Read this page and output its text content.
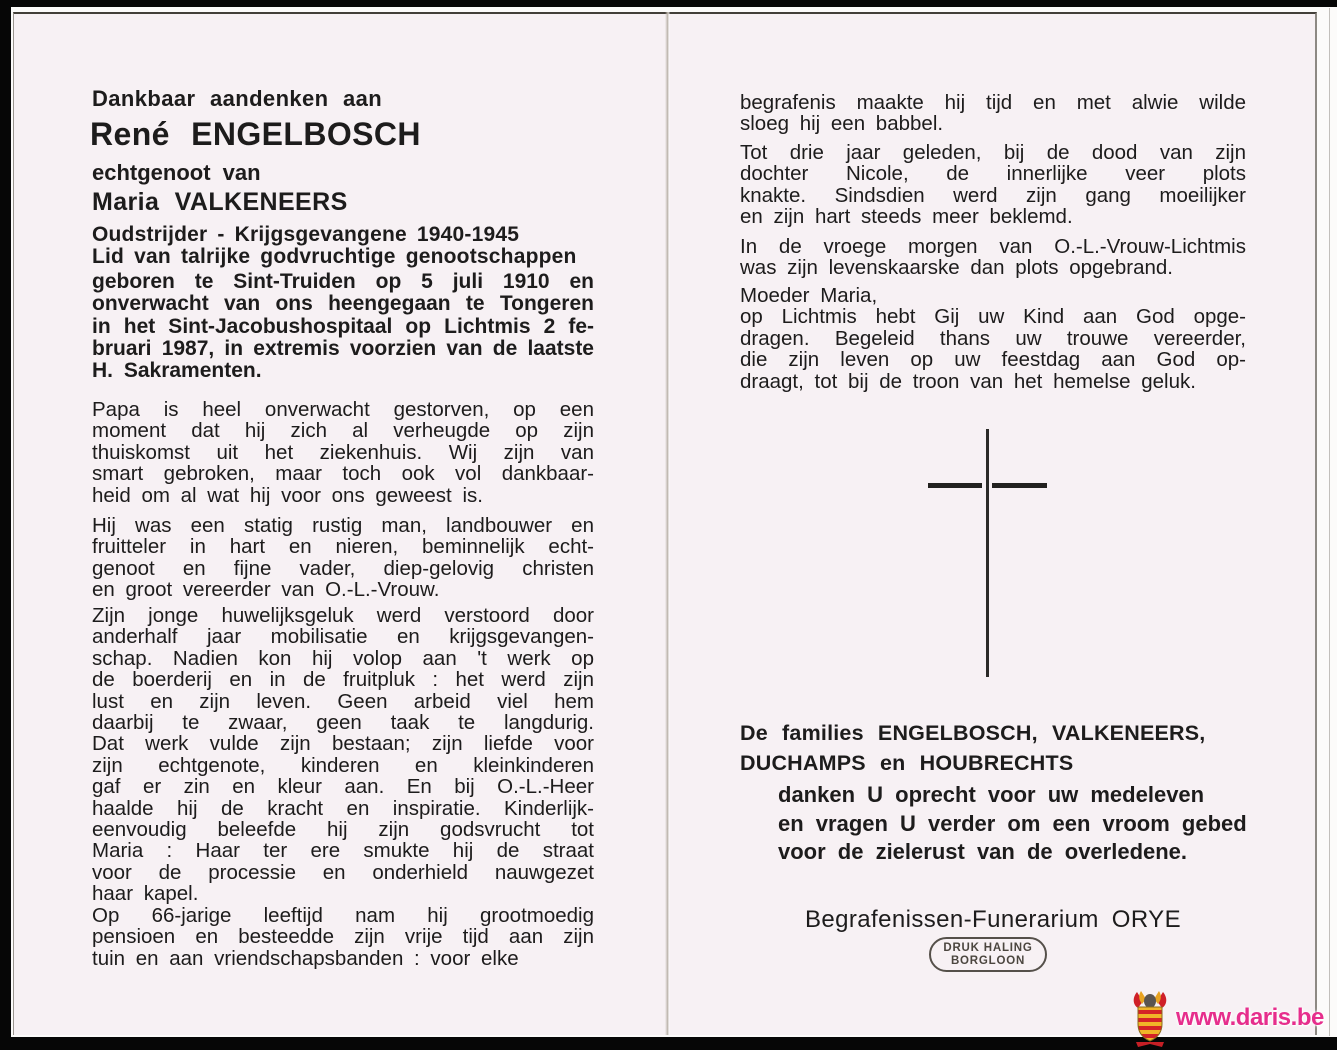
Dankbaar aandenken aan
René ENGELBOSCH
echtgenoot van
Maria VALKENEERS
Oudstrijder - Krijgsgevangene 1940-1945
Lid van talrijke godvruchtige genootschappen
geboren te Sint-Truiden op 5 juli 1910 en
onverwacht van ons heengegaan te Tongeren
in het Sint-Jacobushospitaal op Lichtmis 2 fe-
bruari 1987, in extremis voorzien van de laatste
H. Sakramenten.
Papa is heel onverwacht gestorven, op een
moment dat hij zich al verheugde op zijn
thuiskomst uit het ziekenhuis. Wij zijn van
smart gebroken, maar toch ook vol dankbaar-
heid om al wat hij voor ons geweest is.
Hij was een statig rustig man, landbouwer en
fruitteler in hart en nieren, beminnelijk echt-
genoot en fijne vader, diep-gelovig christen
en groot vereerder van O.-L.-Vrouw.
Zijn jonge huwelijksgeluk werd verstoord door
anderhalf jaar mobilisatie en krijgsgevangen-
schap. Nadien kon hij volop aan 't werk op
de boerderij en in de fruitpluk : het werd zijn
lust en zijn leven. Geen arbeid viel hem
daarbij te zwaar, geen taak te langdurig.
Dat werk vulde zijn bestaan; zijn liefde voor
zijn echtgenote, kinderen en kleinkinderen
gaf er zin en kleur aan. En bij O.-L.-Heer
haalde hij de kracht en inspiratie. Kinderlijk-
eenvoudig beleefde hij zijn godsvrucht tot
Maria : Haar ter ere smukte hij de straat
voor de processie en onderhield nauwgezet
haar kapel.
Op 66-jarige leeftijd nam hij grootmoedig
pensioen en besteedde zijn vrije tijd aan zijn
tuin en aan vriendschapsbanden : voor elke
begrafenis maakte hij tijd en met alwie wilde
sloeg hij een babbel.
Tot drie jaar geleden, bij de dood van zijn
dochter Nicole, de innerlijke veer plots
knakte. Sindsdien werd zijn gang moeilijker
en zijn hart steeds meer beklemd.
In de vroege morgen van O.-L.-Vrouw-Lichtmis
was zijn levenskaarske dan plots opgebrand.
Moeder Maria,
op Lichtmis hebt Gij uw Kind aan God opge-
dragen. Begeleid thans uw trouwe vereerder,
die zijn leven op uw feestdag aan God op-
draagt, tot bij de troon van het hemelse geluk.
De families ENGELBOSCH, VALKENEERS,
DUCHAMPS en HOUBRECHTS
danken U oprecht voor uw medeleven
en vragen U verder om een vroom gebed
voor de zielerust van de overledene.
Begrafenissen-Funerarium ORYE
DRUK HALING
BORGLOON
www.daris.be
